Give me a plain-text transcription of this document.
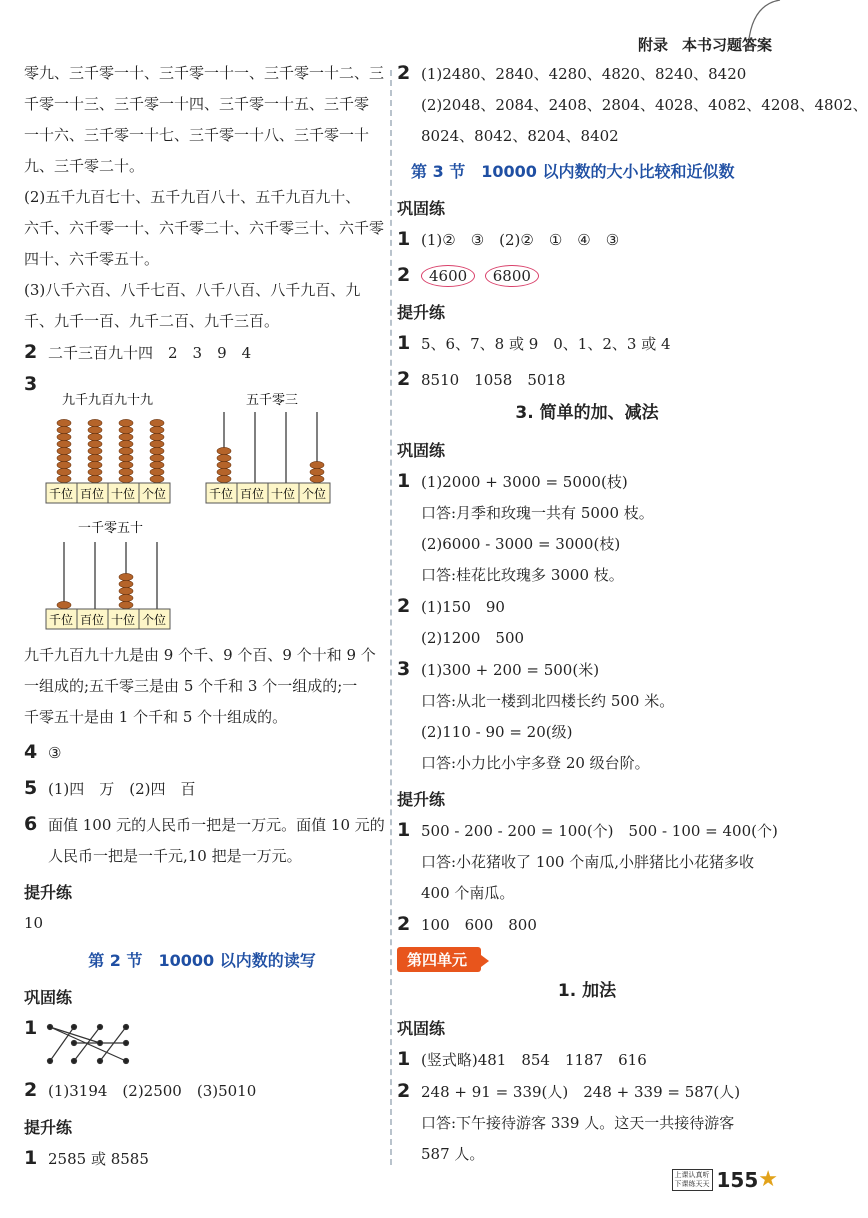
附录 本书习题答案
零九、三千零一十、三千零一十一、三千零一十二、三
千零一十三、三千零一十四、三千零一十五、三千零
一十六、三千零一十七、三千零一十八、三千零一十
九、三千零二十。
(2)五千九百七十、五千九百八十、五千九百九十、
六千、六千零一十、六千零二十、六千零三十、六千零
四十、六千零五十。
(3)八千六百、八千七百、八千八百、八千九百、九
千、九千一百、九千二百、九千三百。
2 二千三百九十四　2　3　9　4
3
九千九百九十九
千位 百位 十位 个位
五千零三
千位 百位 十位 个位
一千零五十
千位 百位 十位 个位
九千九百九十九是由 9 个千、9 个百、9 个十和 9 个
一组成的;五千零三是由 5 个千和 3 个一组成的;一
千零五十是由 1 个千和 5 个十组成的。
4 ③
5 (1)四　万　(2)四　百
6 面值 100 元的人民币一把是一万元。面值 10 元的
人民币一把是一千元,10 把是一万元。
提升练
10
第 2 节　10000 以内数的读写
巩固练
1
2 (1)3194　(2)2500　(3)5010
提升练
1 2585 或 8585
2 (1)2480、2840、4280、4820、8240、8420
(2)2048、2084、2408、2804、4028、4082、4208、4802、
8024、8042、8204、8402
第 3 节　10000 以内数的大小比较和近似数
巩固练
1 (1)②　③　(2)②　①　④　③
2 4600 6800
提升练
1 5、6、7、8 或 9　0、1、2、3 或 4
2 8510　1058　5018
3. 简单的加、减法
巩固练
1 (1)2000 + 3000 = 5000(枝)
口答:月季和玫瑰一共有 5000 枝。
(2)6000 - 3000 = 3000(枝)
口答:桂花比玫瑰多 3000 枝。
2 (1)150　90
(2)1200　500
3 (1)300 + 200 = 500(米)
口答:从北一楼到北四楼长约 500 米。
(2)110 - 90 = 20(级)
口答:小力比小宇多登 20 级台阶。
提升练
1 500 - 200 - 200 = 100(个)　500 - 100 = 400(个)
口答:小花猪收了 100 个南瓜,小胖猪比小花猪多收
400 个南瓜。
2 100　600　800
第四单元
1. 加法
巩固练
1 (竖式略)481　854　1187　616
2 248 + 91 = 339(人)　248 + 339 = 587(人)
口答:下午接待游客 339 人。这天一共接待游客
587 人。
上课认真听
下课练天天 155★
